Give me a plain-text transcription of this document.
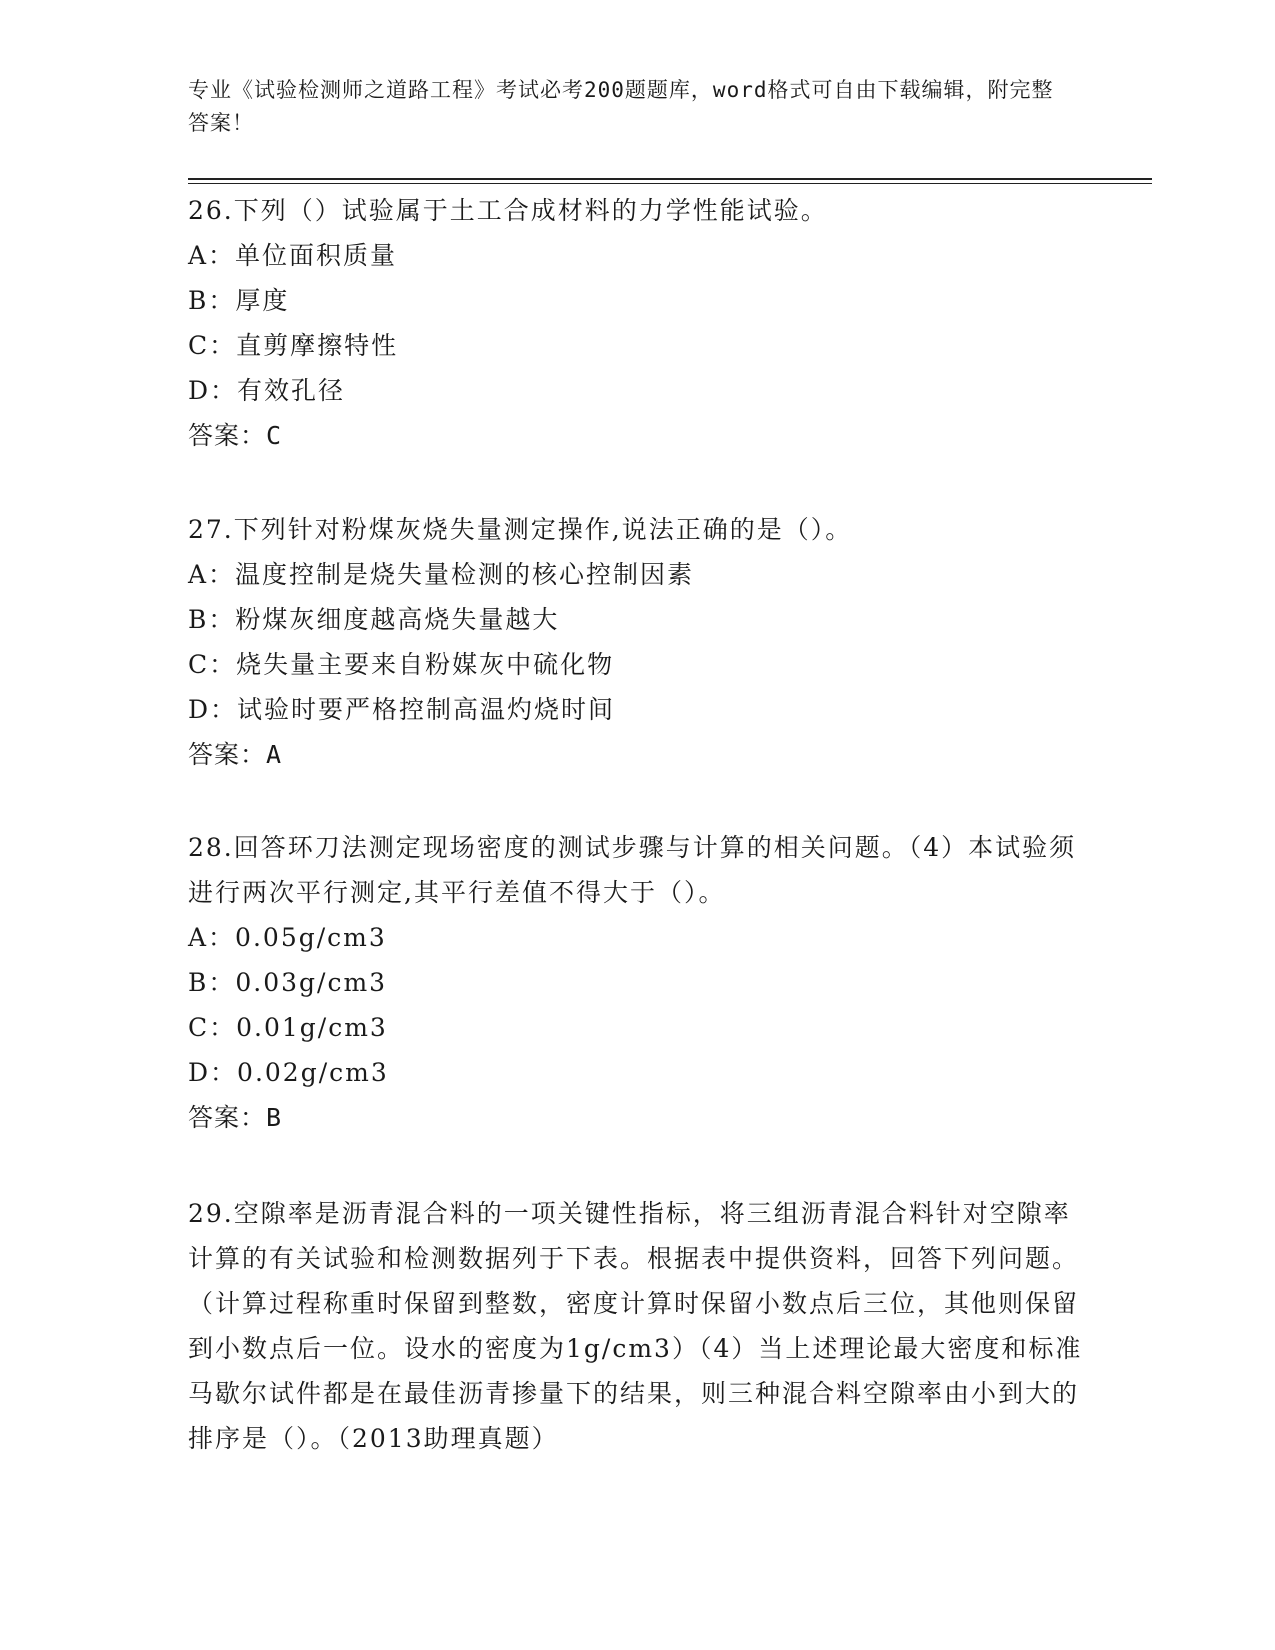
专业《试验检测师之道路工程》考试必考200题题库，word格式可自由下载编辑，附完整答案！

26.下列（）试验属于土工合成材料的力学性能试验。

A：单位面积质量

B：厚度

C：直剪摩擦特性

D：有效孔径

答案：C

27.下列针对粉煤灰烧失量测定操作,说法正确的是（）。

A：温度控制是烧失量检测的核心控制因素

B：粉煤灰细度越高烧失量越大

C：烧失量主要来自粉媒灰中硫化物

D：试验时要严格控制高温灼烧时间

答案：A

28.回答环刀法测定现场密度的测试步骤与计算的相关问题。（4）本试验须进行两次平行测定,其平行差值不得大于（）。

A：0.05g/cm3

B：0.03g/cm3

C：0.01g/cm3

D：0.02g/cm3

答案：B

29.空隙率是沥青混合料的一项关键性指标，将三组沥青混合料针对空隙率计算的有关试验和检测数据列于下表。根据表中提供资料，回答下列问题。（计算过程称重时保留到整数，密度计算时保留小数点后三位，其他则保留到小数点后一位。设水的密度为1g/cm3）（4）当上述理论最大密度和标准马歇尔试件都是在最佳沥青掺量下的结果，则三种混合料空隙率由小到大的排序是（）。（2013助理真题）
